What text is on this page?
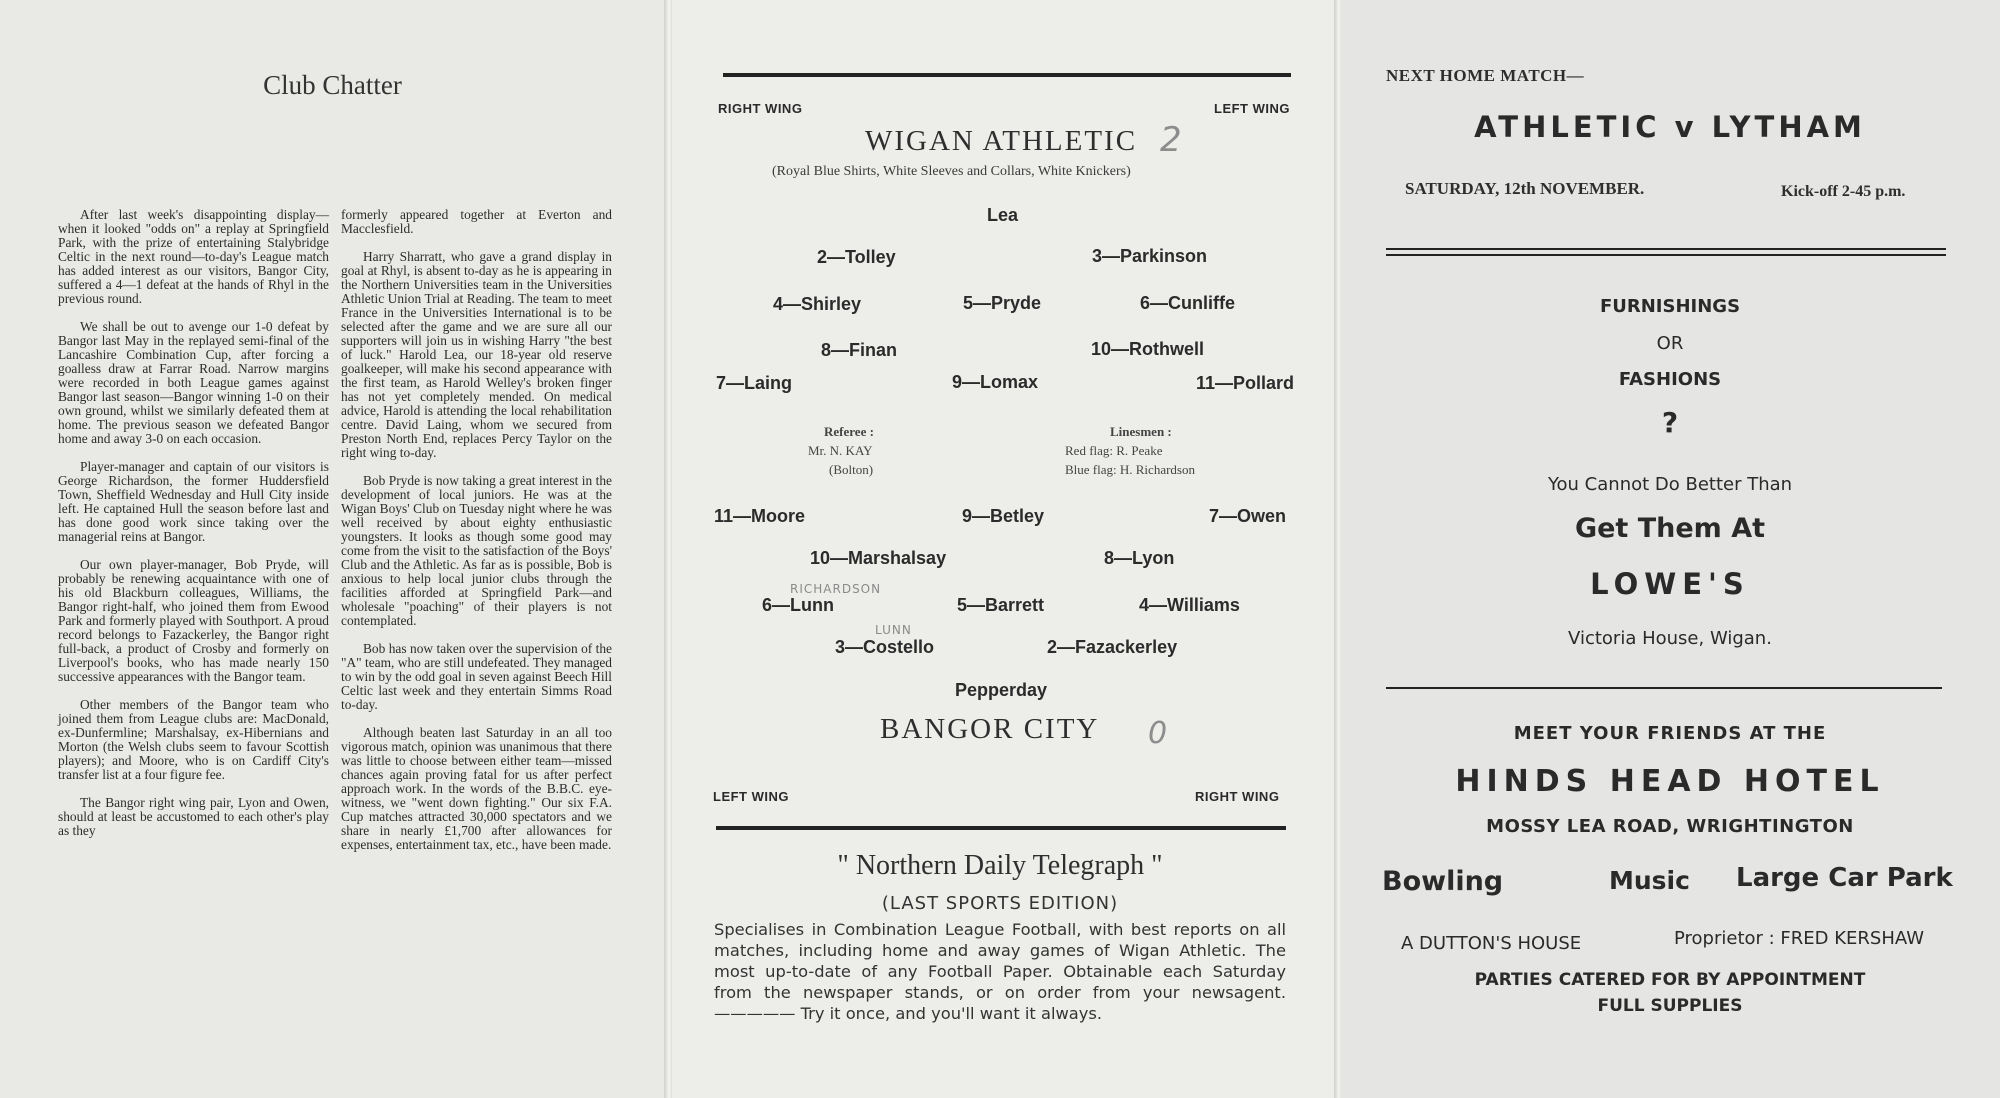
Club Chatter

After last week's disappointing display—when it looked "odds on" a replay at Springfield Park, with the prize of entertaining Stalybridge Celtic in the next round—to-day's League match has added interest as our visitors, Bangor City, suffered a 4—1 defeat at the hands of Rhyl in the previous round.

We shall be out to avenge our 1-0 defeat by Bangor last May in the replayed semi-final of the Lancashire Combination Cup, after forcing a goalless draw at Farrar Road. Narrow margins were recorded in both League games against Bangor last season—Bangor winning 1-0 on their own ground, whilst we similarly defeated them at home. The previous season we defeated Bangor home and away 3-0 on each occasion.

Player-manager and captain of our visitors is George Richardson, the former Huddersfield Town, Sheffield Wednesday and Hull City inside left. He captained Hull the season before last and has done good work since taking over the managerial reins at Bangor.

Our own player-manager, Bob Pryde, will probably be renewing acquaintance with one of his old Blackburn colleagues, Williams, the Bangor right-half, who joined them from Ewood Park and formerly played with Southport. A proud record belongs to Fazackerley, the Bangor right full-back, a product of Crosby and formerly on Liverpool's books, who has made nearly 150 successive appearances with the Bangor team.

Other members of the Bangor team who joined them from League clubs are: MacDonald, ex-Dunfermline; Marshalsay, ex-Hibernians and Morton (the Welsh clubs seem to favour Scottish players); and Moore, who is on Cardiff City's transfer list at a four figure fee.

The Bangor right wing pair, Lyon and Owen, should at least be accustomed to each other's play as they

formerly appeared together at Everton and Macclesfield.

Harry Sharratt, who gave a grand display in goal at Rhyl, is absent to-day as he is appearing in the Northern Universities team in the Universities Athletic Union Trial at Reading. The team to meet France in the Universities International is to be selected after the game and we are sure all our supporters will join us in wishing Harry "the best of luck." Harold Lea, our 18-year old reserve goalkeeper, will make his second appearance with the first team, as Harold Welley's broken finger has not yet completely mended. On medical advice, Harold is attending the local rehabilitation centre. David Laing, whom we secured from Preston North End, replaces Percy Taylor on the right wing to-day.

Bob Pryde is now taking a great interest in the development of local juniors. He was at the Wigan Boys' Club on Tuesday night where he was well received by about eighty enthusiastic youngsters. It looks as though some good may come from the visit to the satisfaction of the Boys' Club and the Athletic. As far as is possible, Bob is anxious to help local junior clubs through the facilities afforded at Springfield Park—and wholesale "poaching" of their players is not contemplated.

Bob has now taken over the supervision of the "A" team, who are still undefeated. They managed to win by the odd goal in seven against Beech Hill Celtic last week and they entertain Simms Road to-day.

Although beaten last Saturday in an all too vigorous match, opinion was unanimous that there was little to choose between either team—missed chances again proving fatal for us after perfect approach work. In the words of the B.B.C. eye-witness, we "went down fighting." Our six F.A. Cup matches attracted 30,000 spectators and we share in nearly £1,700 after allowances for expenses, entertainment tax, etc., have been made.

RIGHT WING	LEFT WING
WIGAN ATHLETIC 2
(Royal Blue Shirts, White Sleeves and Collars, White Knickers)
Lea
2—Tolley	3—Parkinson
4—Shirley	5—Pryde	6—Cunliffe
8—Finan	10—Rothwell
7—Laing	9—Lomax	11—Pollard
Referee :
Mr. N. KAY
(Bolton)
Linesmen :
Red flag: R. Peake
Blue flag: H. Richardson
11—Moore	9—Betley	7—Owen
10—Marshalsay	8—Lyon
RICHARDSON
6—Lunn	5—Barrett	4—Williams
LUNN
3—Costello	2—Fazackerley
Pepperday
BANGOR CITY 0
LEFT WING	RIGHT WING
" Northern Daily Telegraph "
(LAST SPORTS EDITION)
Specialises in Combination League Football, with best reports on all matches, including home and away games of Wigan Athletic. The most up-to-date of any Football Paper. Obtainable each Saturday from the newspaper stands, or on order from your newsagent. ————— Try it once, and you'll want it always.
NEXT HOME MATCH—
ATHLETIC v LYTHAM
SATURDAY, 12th NOVEMBER.	Kick-off 2-45 p.m.
FURNISHINGS
OR
FASHIONS
?
You Cannot Do Better Than
Get Them At
LOWE'S
Victoria House, Wigan.
MEET YOUR FRIENDS AT THE
HINDS HEAD HOTEL
MOSSY LEA ROAD, WRIGHTINGTON
Bowling	Music Large Car Park
A DUTTON'S HOUSE	Proprietor : FRED KERSHAW
PARTIES CATERED FOR BY APPOINTMENT
FULL SUPPLIES
